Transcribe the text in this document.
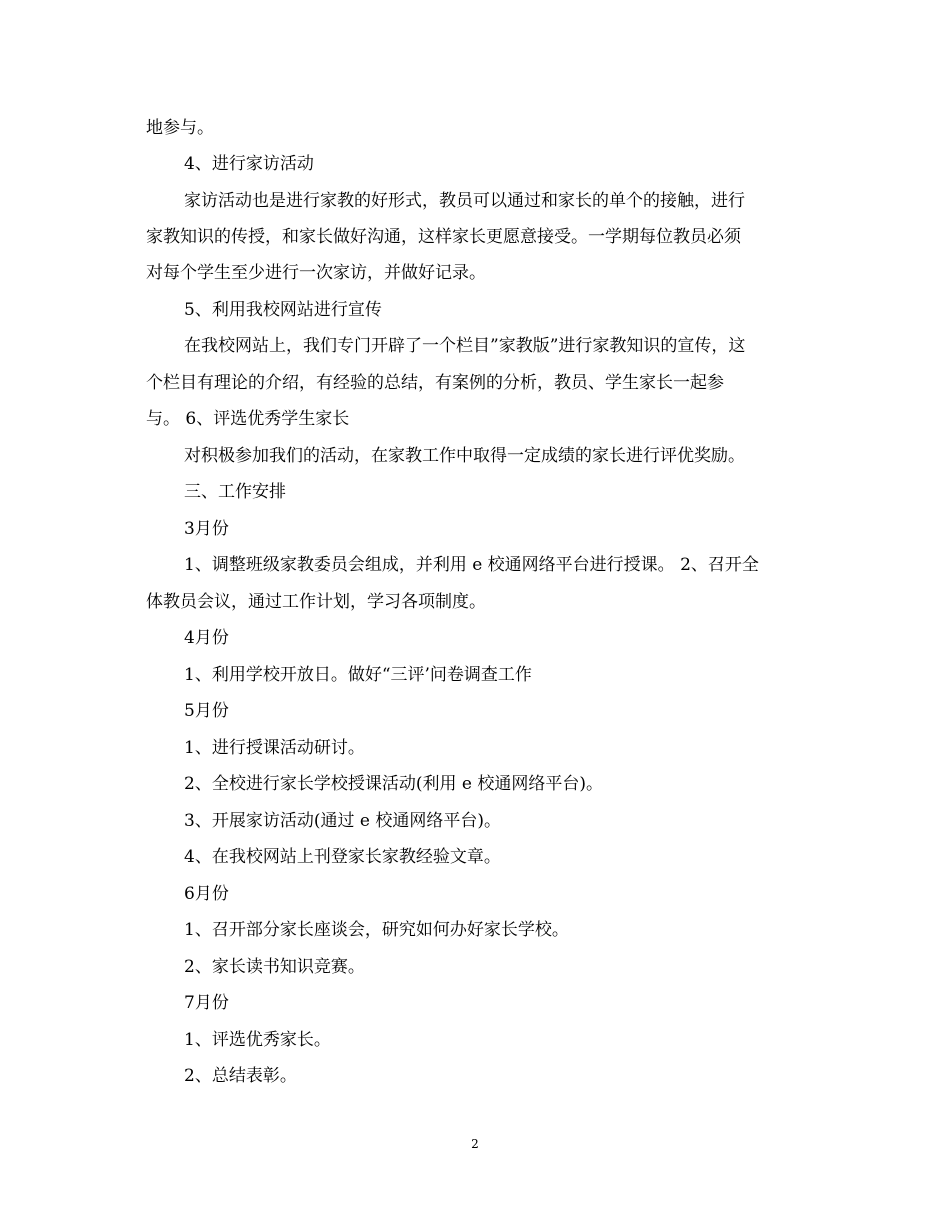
地参与。
4、进行家访活动
家访活动也是进行家教的好形式，教员可以通过和家长的单个的接触，进行
家教知识的传授，和家长做好沟通，这样家长更愿意接受。一学期每位教员必须
对每个学生至少进行一次家访，并做好记录。
5、利用我校网站进行宣传
在我校网站上，我们专门开辟了一个栏目”家教版”进行家教知识的宣传，这
个栏目有理论的介绍，有经验的总结，有案例的分析，教员、学生家长一起参
与。 6、评选优秀学生家长
对积极参加我们的活动，在家教工作中取得一定成绩的家长进行评优奖励。
三、工作安排
3月份
1、调整班级家教委员会组成，并利用 e 校通网络平台进行授课。 2、召开全
体教员会议，通过工作计划，学习各项制度。
4月份
1、利用学校开放日。做好“三评’问卷调查工作
5月份
1、进行授课活动研讨。
2、全校进行家长学校授课活动(利用 e 校通网络平台)。
3、开展家访活动(通过 e 校通网络平台)。
4、在我校网站上刊登家长家教经验文章。
6月份
1、召开部分家长座谈会，研究如何办好家长学校。
2、家长读书知识竞赛。
7月份
1、评选优秀家长。
2、总结表彰。
2
